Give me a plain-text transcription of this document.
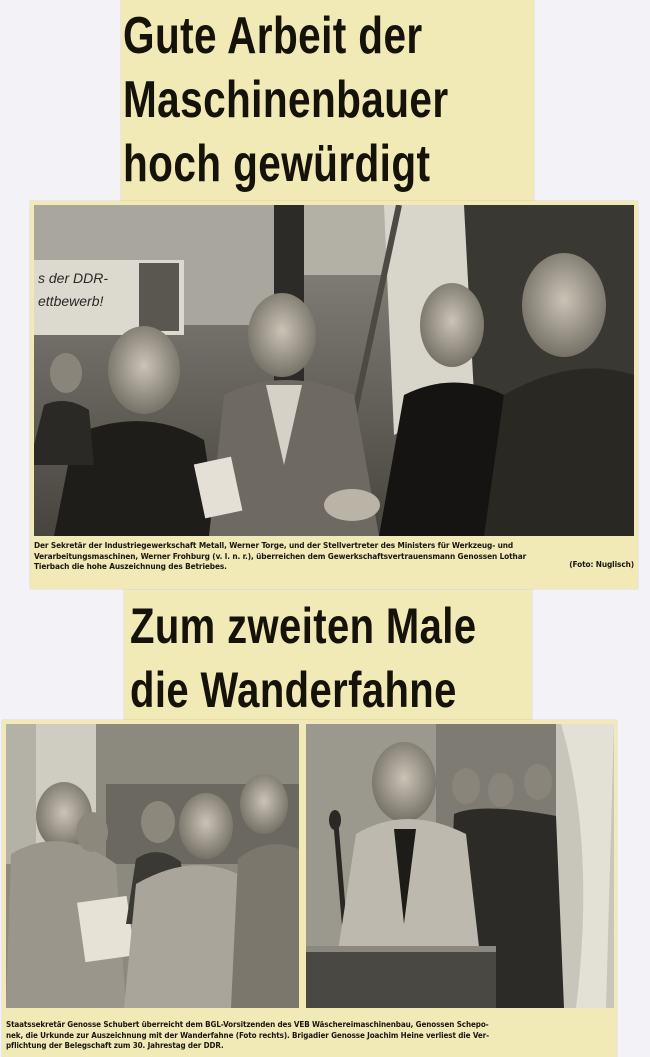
Gute Arbeit der
Maschinenbauer
hoch gewürdigt
s der DDR-
ettbewerb!

Der Sekretär der Industriegewerkschaft Metall, Werner Torge, und der Stellvertreter des Ministers für Werkzeug- und
Verarbeitungsmaschinen, Werner Frohburg (v. l. n. r.), überreichen dem Gewerkschaftsvertrauensmann Genossen Lothar
Tierbach die hohe Auszeichnung des Betriebes.	(Foto: Nuglisch)

Zum zweiten Male
die Wanderfahne

Staatssekretär Genosse Schubert überreicht dem BGL-Vorsitzenden des VEB Wäschereimaschinenbau, Genossen Schepo-
nek, die Urkunde zur Auszeichnung mit der Wanderfahne (Foto rechts). Brigadier Genosse Joachim Heine verliest die Ver-
pflichtung der Belegschaft zum 30. Jahrestag der DDR.
